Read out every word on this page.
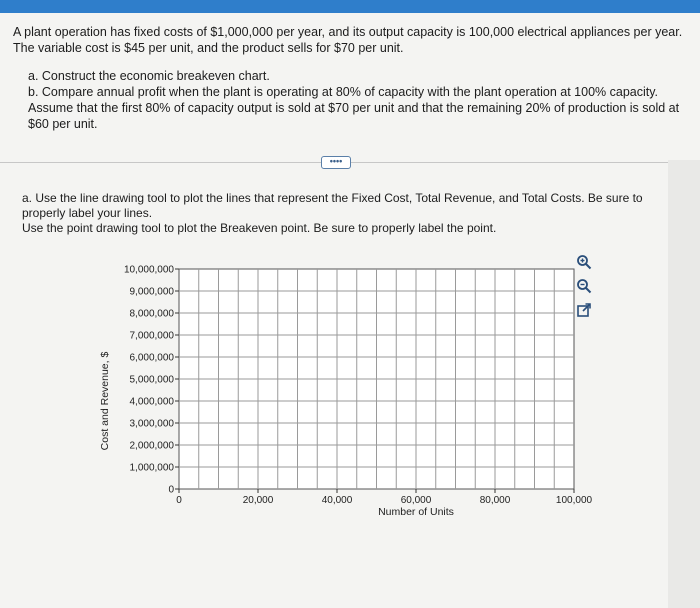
A plant operation has fixed costs of $1,000,000 per year, and its output capacity is 100,000 electrical appliances per year. The variable cost is $45 per unit, and the product sells for $70 per unit.

a. Construct the economic breakeven chart.

b. Compare annual profit when the plant is operating at 80% of capacity with the plant operation at 100% capacity. Assume that the first 80% of capacity output is sold at $70 per unit and that the remaining 20% of production is sold at $60 per unit.

••••

a. Use the line drawing tool to plot the lines that represent the Fixed Cost, Total Revenue, and Total Costs. Be sure to properly label your lines.

Use the point drawing tool to plot the Breakeven point. Be sure to properly label the point.

0
1,000,000
2,000,000
3,000,000
4,000,000
5,000,000
6,000,000
7,000,000
8,000,000
9,000,000
10,000,000
0	20,000	40,000	60,000	80,000	100,000
Number of Units
Cost and Revenue, $
